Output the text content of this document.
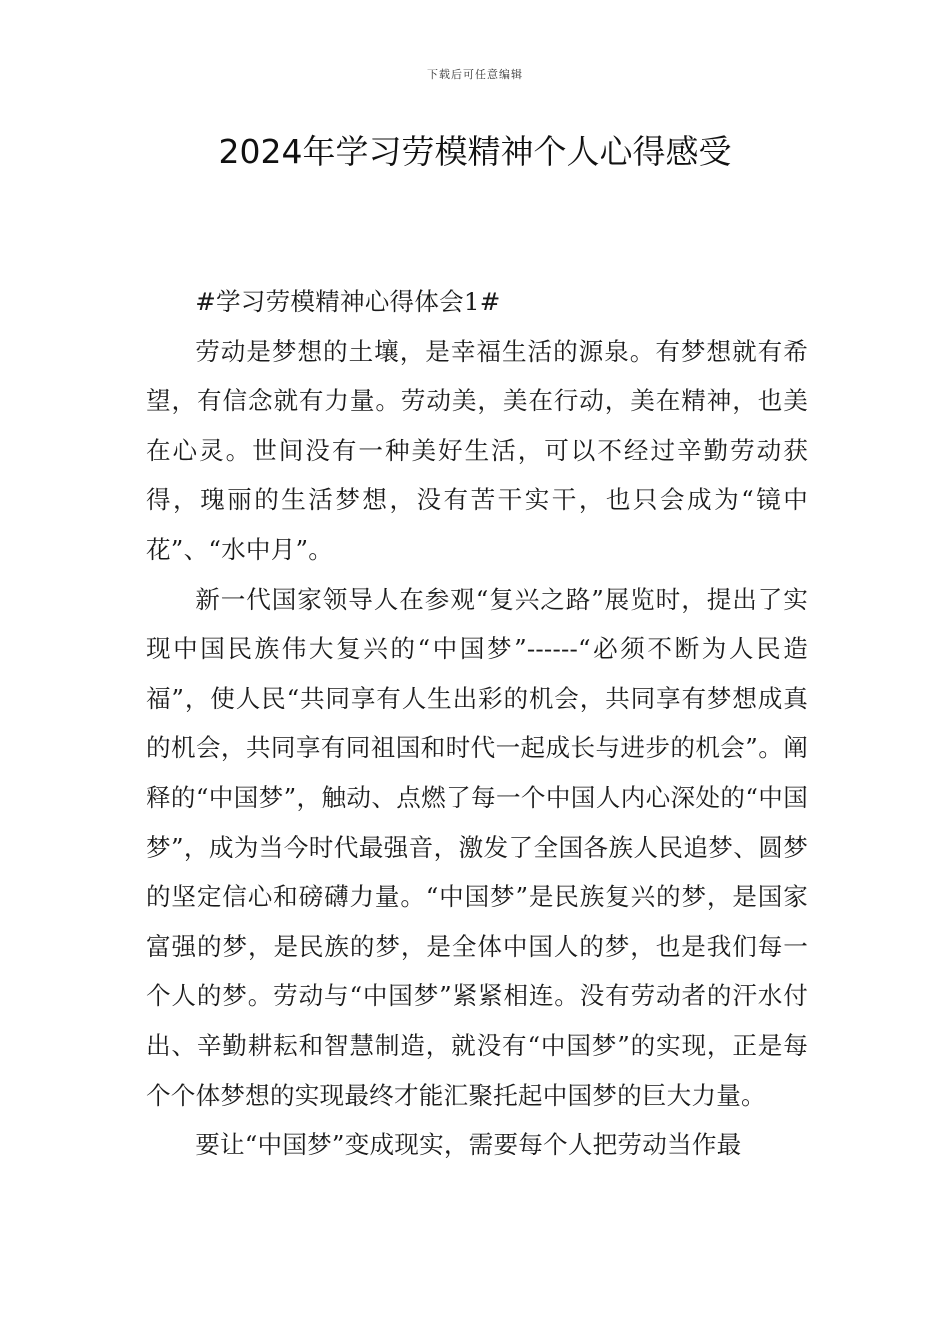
下载后可任意编辑
2024年学习劳模精神个人心得感受

#学习劳模精神心得体会1#

劳动是梦想的土壤，是幸福生活的源泉。有梦想就有希望，有信念就有力量。劳动美，美在行动，美在精神，也美在心灵。世间没有一种美好生活，可以不经过辛勤劳动获得，瑰丽的生活梦想，没有苦干实干，也只会成为“镜中花”、“水中月”。

新一代国家领导人在参观“复兴之路”展览时，提出了实现中国民族伟大复兴的“中国梦”------“必须不断为人民造福”，使人民“共同享有人生出彩的机会，共同享有梦想成真的机会，共同享有同祖国和时代一起成长与进步的机会”。阐释的“中国梦”，触动、点燃了每一个中国人内心深处的“中国梦”，成为当今时代最强音，激发了全国各族人民追梦、圆梦的坚定信心和磅礴力量。“中国梦”是民族复兴的梦，是国家富强的梦，是民族的梦，是全体中国人的梦，也是我们每一个人的梦。劳动与“中国梦”紧紧相连。没有劳动者的汗水付出、辛勤耕耘和智慧制造，就没有“中国梦”的实现，正是每个个体梦想的实现最终才能汇聚托起中国梦的巨大力量。

要让“中国梦”变成现实，需要每个人把劳动当作最
